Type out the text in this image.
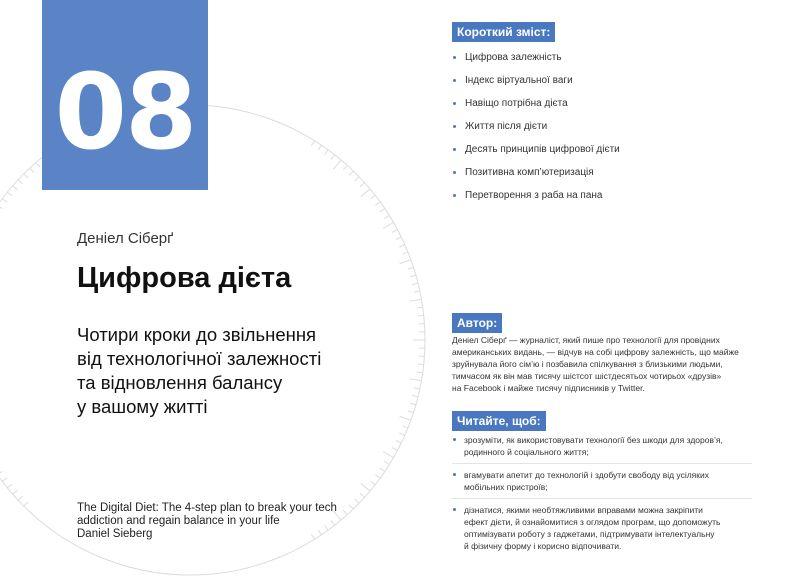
08
Деніел Сіберґ
Цифрова дієта
Чотири кроки до звільнення
від технологічної залежності
та відновлення балансу
у вашому житті
The Digital Diet: The 4-step plan to break your tech
addiction and regain balance in your life
Daniel Sieberg
Короткий зміст:
Цифрова залежність
Індекс віртуальної ваги
Навіщо потрібна дієта
Життя після дієти
Десять принципів цифрової дієти
Позитивна комп’ютеризація
Перетворення з раба на пана
Автор:
Деніел Сіберґ — журналіст, який пише про технології для провідних
американських видань, — відчув на собі цифрову залежність, що майже
зруйнувала його сім’ю і позбавила спілкування з близькими людьми,
тимчасом як він мав тисячу шістсот шістдесятьох чотирьох «друзів»
на Facebook і майже тисячу підписників у Twitter.
Читайте, щоб:
зрозуміти, як використовувати технології без шкоди для здоров’я,
родинного й соціального життя;
вгамувати апетит до технологій і здобути свободу від усіляких
мобільних пристроїв;
дізнатися, якими необтяжливими вправами можна закріпити
ефект дієти, й ознайомитися з оглядом програм, що допоможуть
оптимізувати роботу з гаджетами, підтримувати інтелектуальну
й фізичну форму і корисно відпочивати.
